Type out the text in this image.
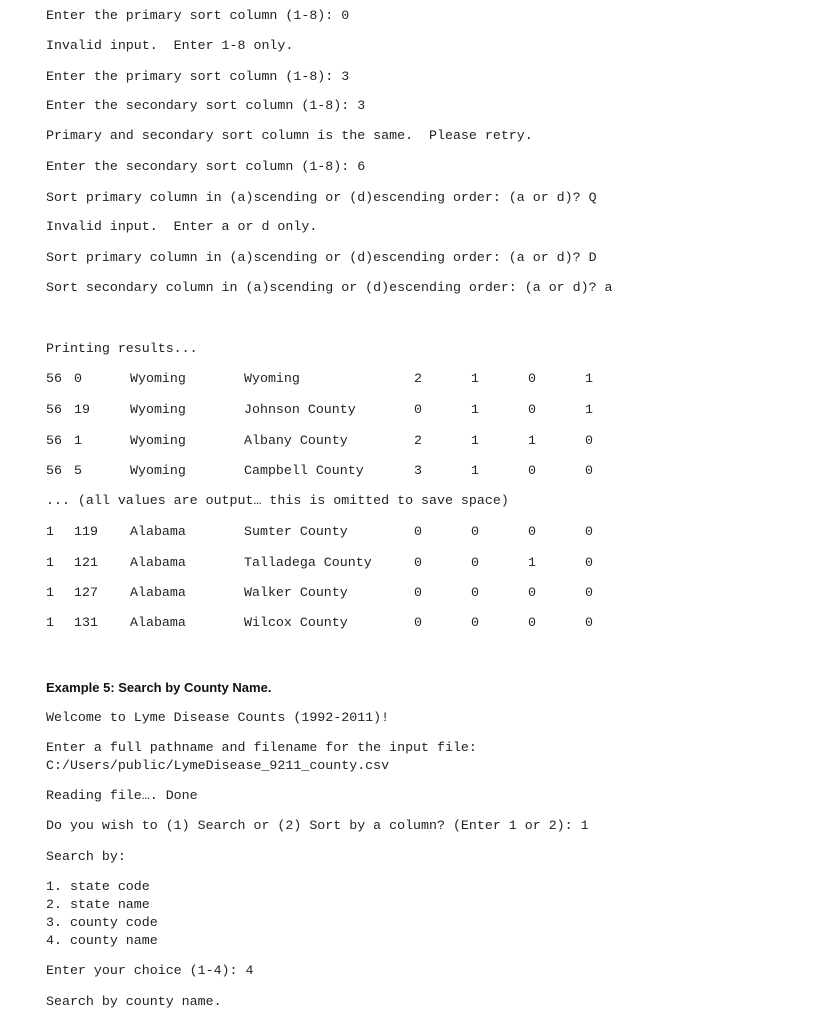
Enter the primary sort column (1-8): 0
Invalid input.  Enter 1-8 only.
Enter the primary sort column (1-8): 3
Enter the secondary sort column (1-8): 3
Primary and secondary sort column is the same.  Please retry.
Enter the secondary sort column (1-8): 6
Sort primary column in (a)scending or (d)escending order: (a or d)? Q
Invalid input.  Enter a or d only.
Sort primary column in (a)scending or (d)escending order: (a or d)? D
Sort secondary column in (a)scending or (d)escending order: (a or d)? a
Printing results...
56 0	Wyoming	Wyoming	2	1	0	1
56 19	Wyoming	Johnson County	0	1	0	1
56 1	Wyoming	Albany County	2	1	1	0
56 5	Wyoming	Campbell County	3	1	0	0
... (all values are output… this is omitted to save space)
1 119 Alabama	Sumter County	0	0	0	0
1 121 Alabama	Talladega County	0	0	1	0
1 127 Alabama	Walker County	0	0	0	0
1 131 Alabama	Wilcox County	0	0	0	0
Example 5: Search by County Name.
Welcome to Lyme Disease Counts (1992-2011)!
Enter a full pathname and filename for the input file:
C:/Users/public/LymeDisease_9211_county.csv
Reading file…. Done
Do you wish to (1) Search or (2) Sort by a column? (Enter 1 or 2): 1
Search by:
1. state code
2. state name
3. county code
4. county name
Enter your choice (1-4): 4
Search by county name.
